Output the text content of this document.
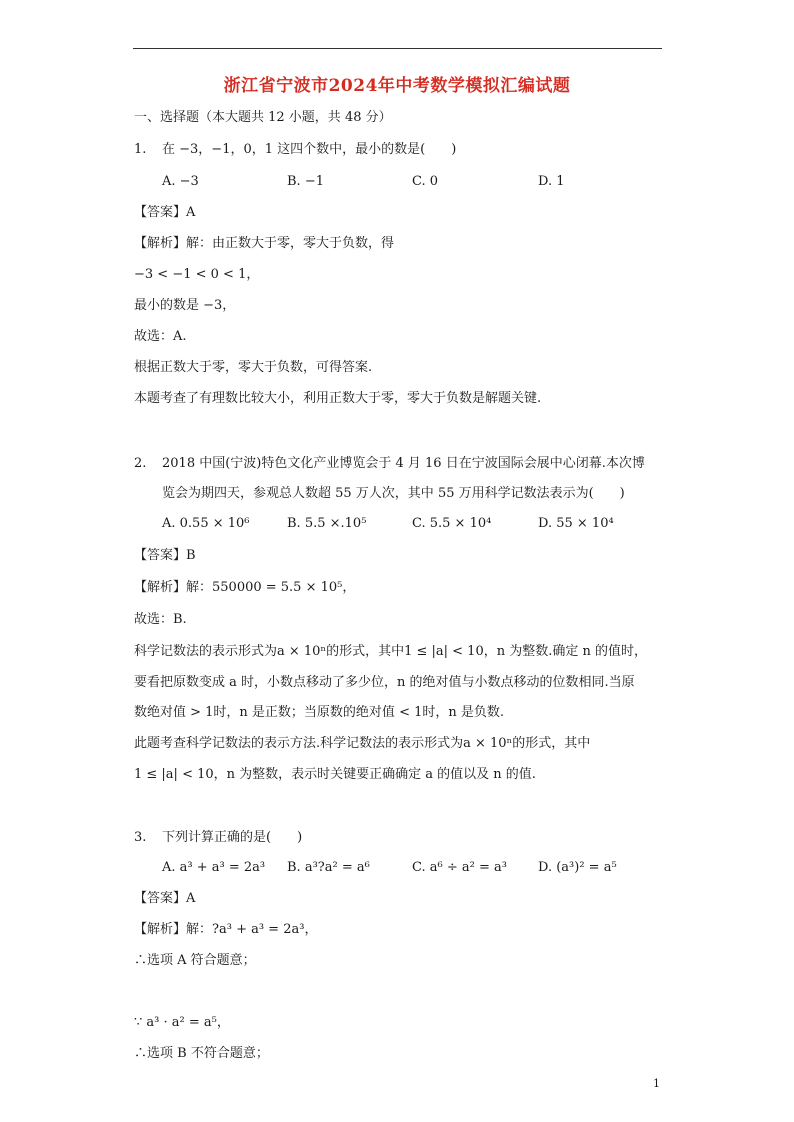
浙江省宁波市2024年中考数学模拟汇编试题
一、选择题（本大题共 12 小题，共 48 分）
1. 在 −3，−1，0，1 这四个数中，最小的数是(　　)
A. −3	B. −1	C. 0	D. 1
【答案】A
【解析】解：由正数大于零，零大于负数，得
−3 < −1 < 0 < 1，
最小的数是 −3，
故选：A.
根据正数大于零，零大于负数，可得答案.
本题考查了有理数比较大小，利用正数大于零，零大于负数是解题关键.
2. 2018 中国(宁波)特色文化产业博览会于 4 月 16 日在宁波国际会展中心闭幕.本次博
览会为期四天，参观总人数超 55 万人次，其中 55 万用科学记数法表示为(　　)
A. 0.55 × 10⁶	B. 5.5 ×.10⁵	C. 5.5 × 10⁴	D. 55 × 10⁴
【答案】B
【解析】解：550000 = 5.5 × 10⁵，
故选：B.
科学记数法的表示形式为a × 10ⁿ的形式，其中1 ≤ |a| < 10，n 为整数.确定 n 的值时，
要看把原数变成 a 时，小数点移动了多少位，n 的绝对值与小数点移动的位数相同.当原
数绝对值 > 1时，n 是正数；当原数的绝对值 < 1时，n 是负数.
此题考查科学记数法的表示方法.科学记数法的表示形式为a × 10ⁿ的形式，其中
1 ≤ |a| < 10，n 为整数，表示时关键要正确确定 a 的值以及 n 的值.
3. 下列计算正确的是(　　)
A. a³ + a³ = 2a³ B. a³?a² = a⁶	C. a⁶ ÷ a² = a³ D. (a³)² = a⁵
【答案】A
【解析】解：?a³ + a³ = 2a³，
∴选项 A 符合题意；
∵ a³ · a² = a⁵，
∴选项 B 不符合题意；
1
